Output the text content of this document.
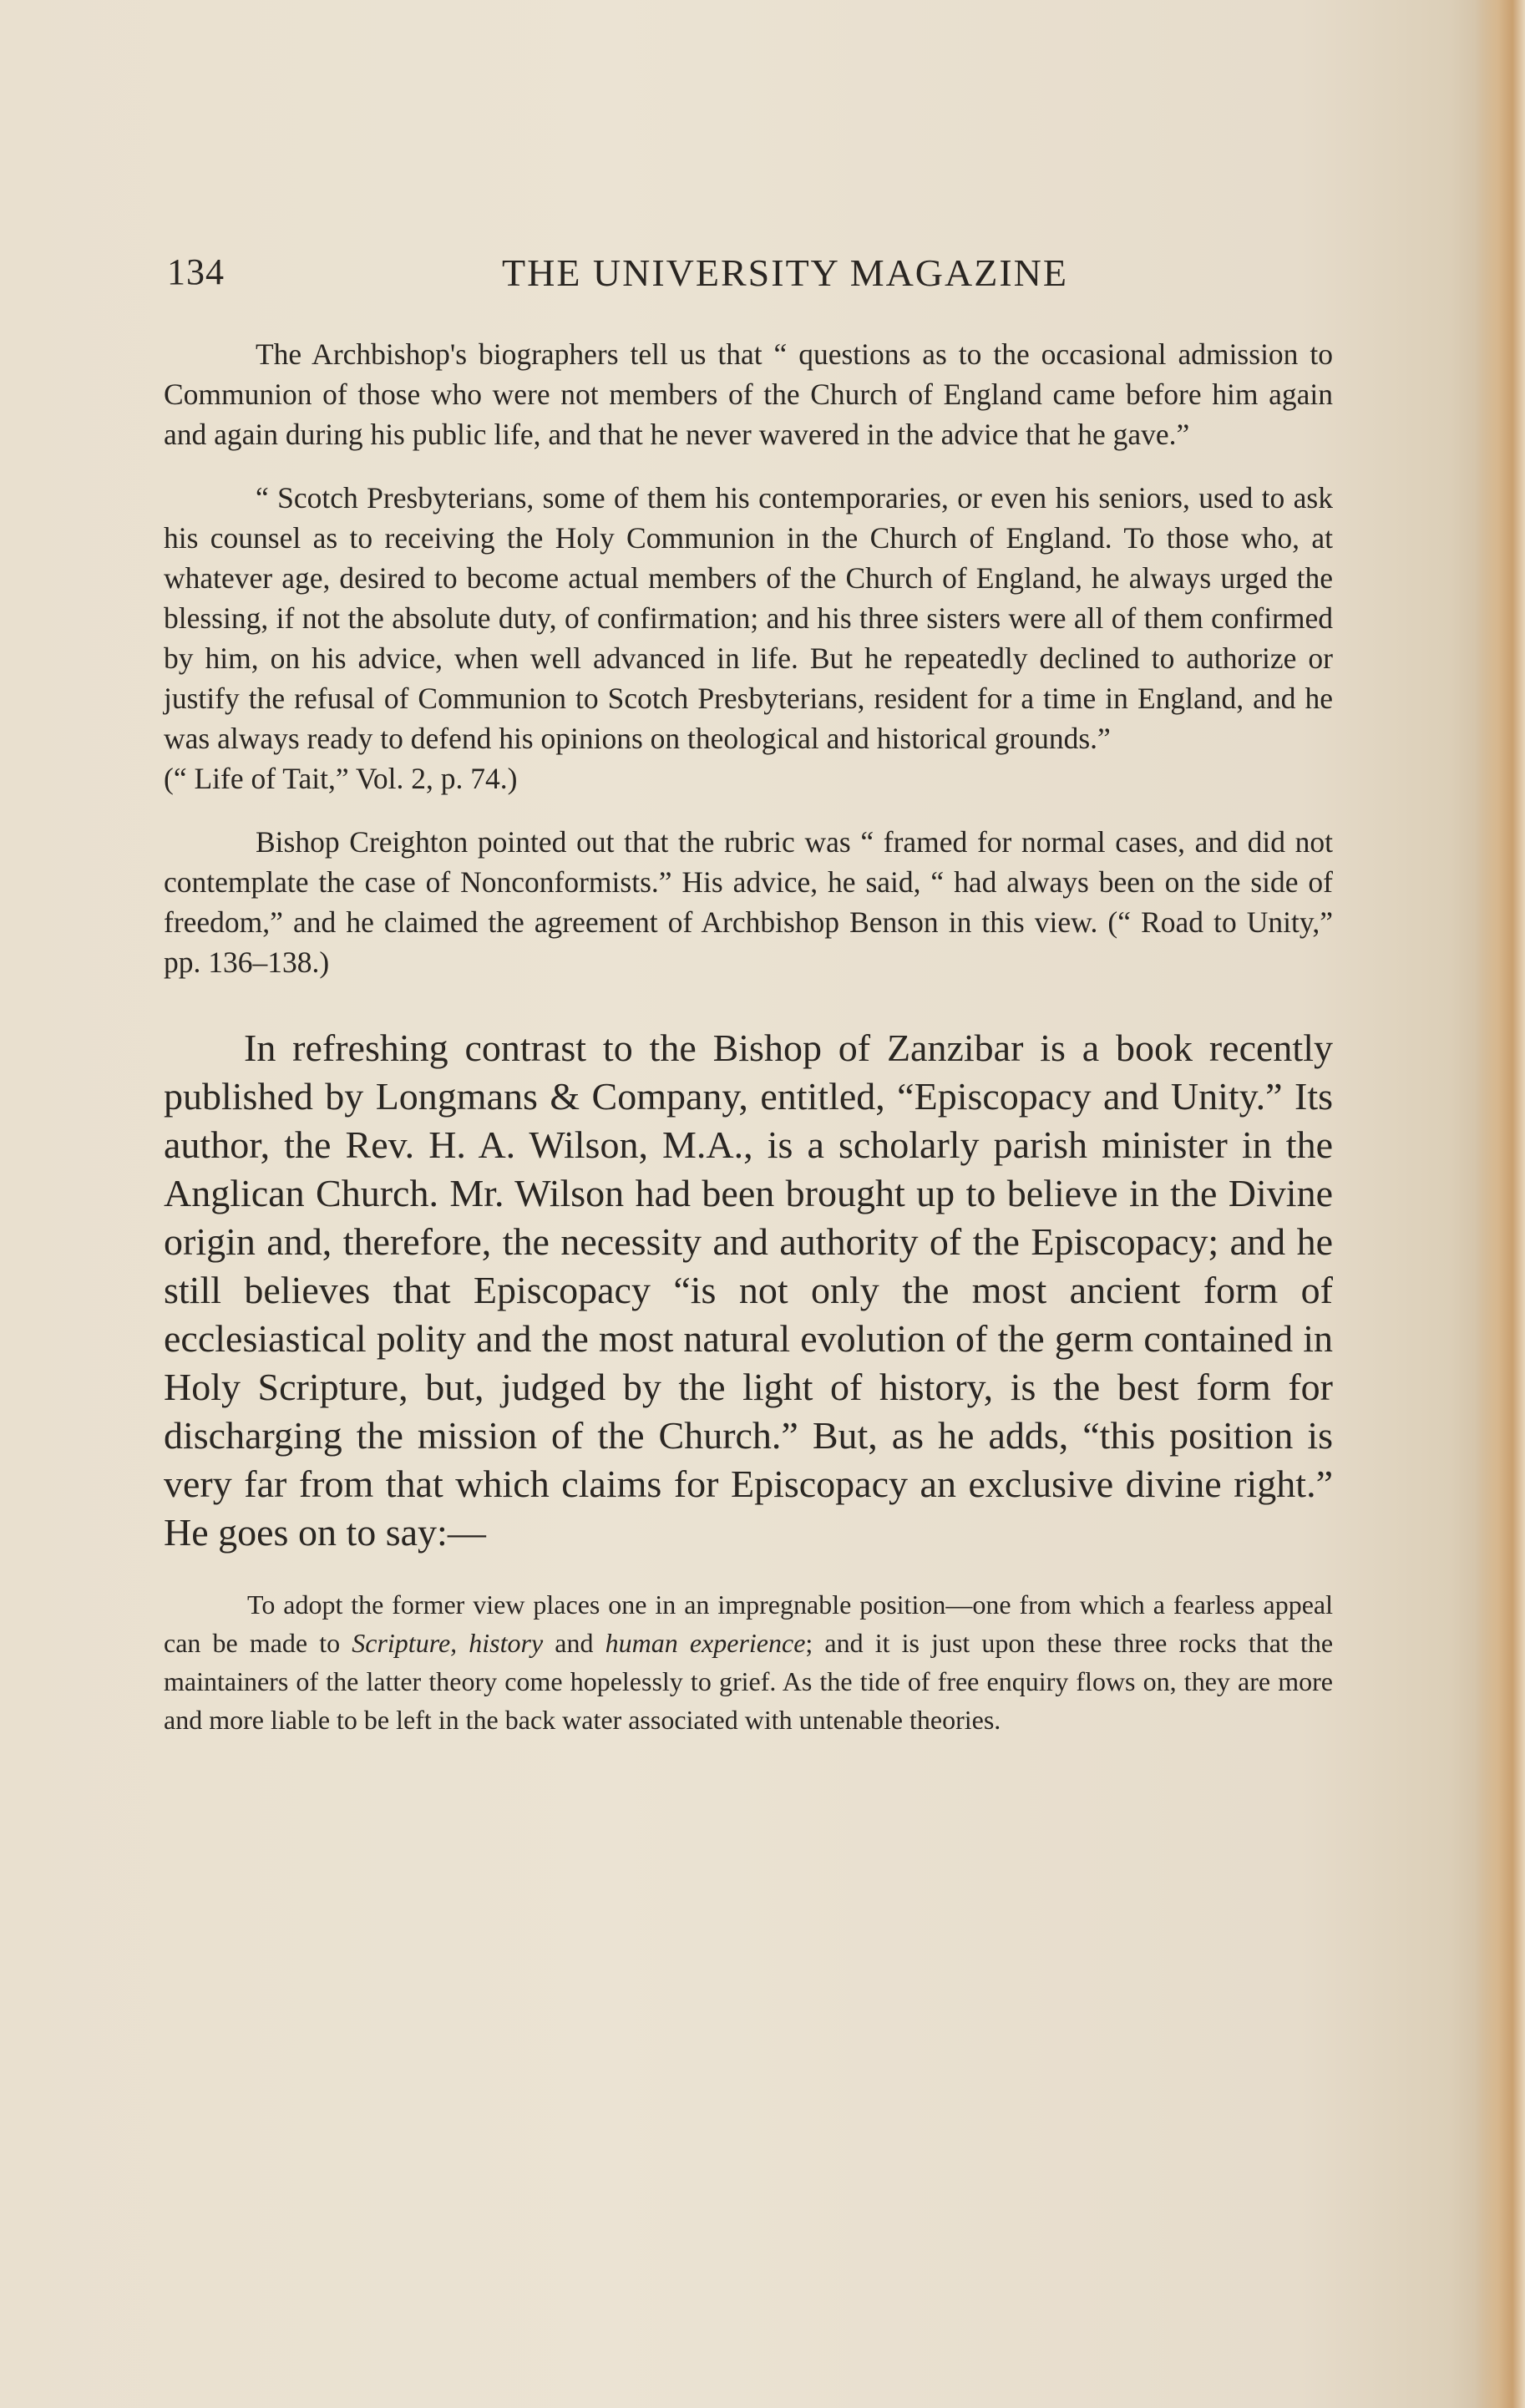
134	THE UNIVERSITY MAGAZINE

The Archbishop's biographers tell us that “ questions as to the occasional admission to Communion of those who were not members of the Church of England came before him again and again during his public life, and that he never wavered in the advice that he gave.”

“ Scotch Presbyterians, some of them his contemporaries, or even his seniors, used to ask his counsel as to receiving the Holy Communion in the Church of England. To those who, at whatever age, desired to become actual members of the Church of England, he always urged the blessing, if not the absolute duty, of confirmation; and his three sisters were all of them confirmed by him, on his advice, when well advanced in life. But he repeatedly declined to authorize or justify the refusal of Communion to Scotch Presbyterians, resident for a time in England, and he was always ready to defend his opinions on theological and historical grounds.”
(“ Life of Tait,” Vol. 2, p. 74.)

Bishop Creighton pointed out that the rubric was “ framed for normal cases, and did not contemplate the case of Nonconformists.” His advice, he said, “ had always been on the side of freedom,” and he claimed the agreement of Archbishop Benson in this view. (“ Road to Unity,” pp. 136–138.)

In refreshing contrast to the Bishop of Zanzibar is a book recently published by Longmans & Company, entitled, “Episcopacy and Unity.” Its author, the Rev. H. A. Wilson, M.A., is a scholarly parish minister in the Anglican Church. Mr. Wilson had been brought up to believe in the Divine origin and, therefore, the necessity and authority of the Episcopacy; and he still believes that Episcopacy “is not only the most ancient form of ecclesiastical polity and the most natural evolution of the germ contained in Holy Scripture, but, judged by the light of history, is the best form for discharging the mission of the Church.” But, as he adds, “this position is very far from that which claims for Episcopacy an exclusive divine right.” He goes on to say:—

To adopt the former view places one in an impregnable position—one from which a fearless appeal can be made to Scripture, history and human experience; and it is just upon these three rocks that the maintainers of the latter theory come hopelessly to grief. As the tide of free enquiry flows on, they are more and more liable to be left in the back water associated with untenable theories.
